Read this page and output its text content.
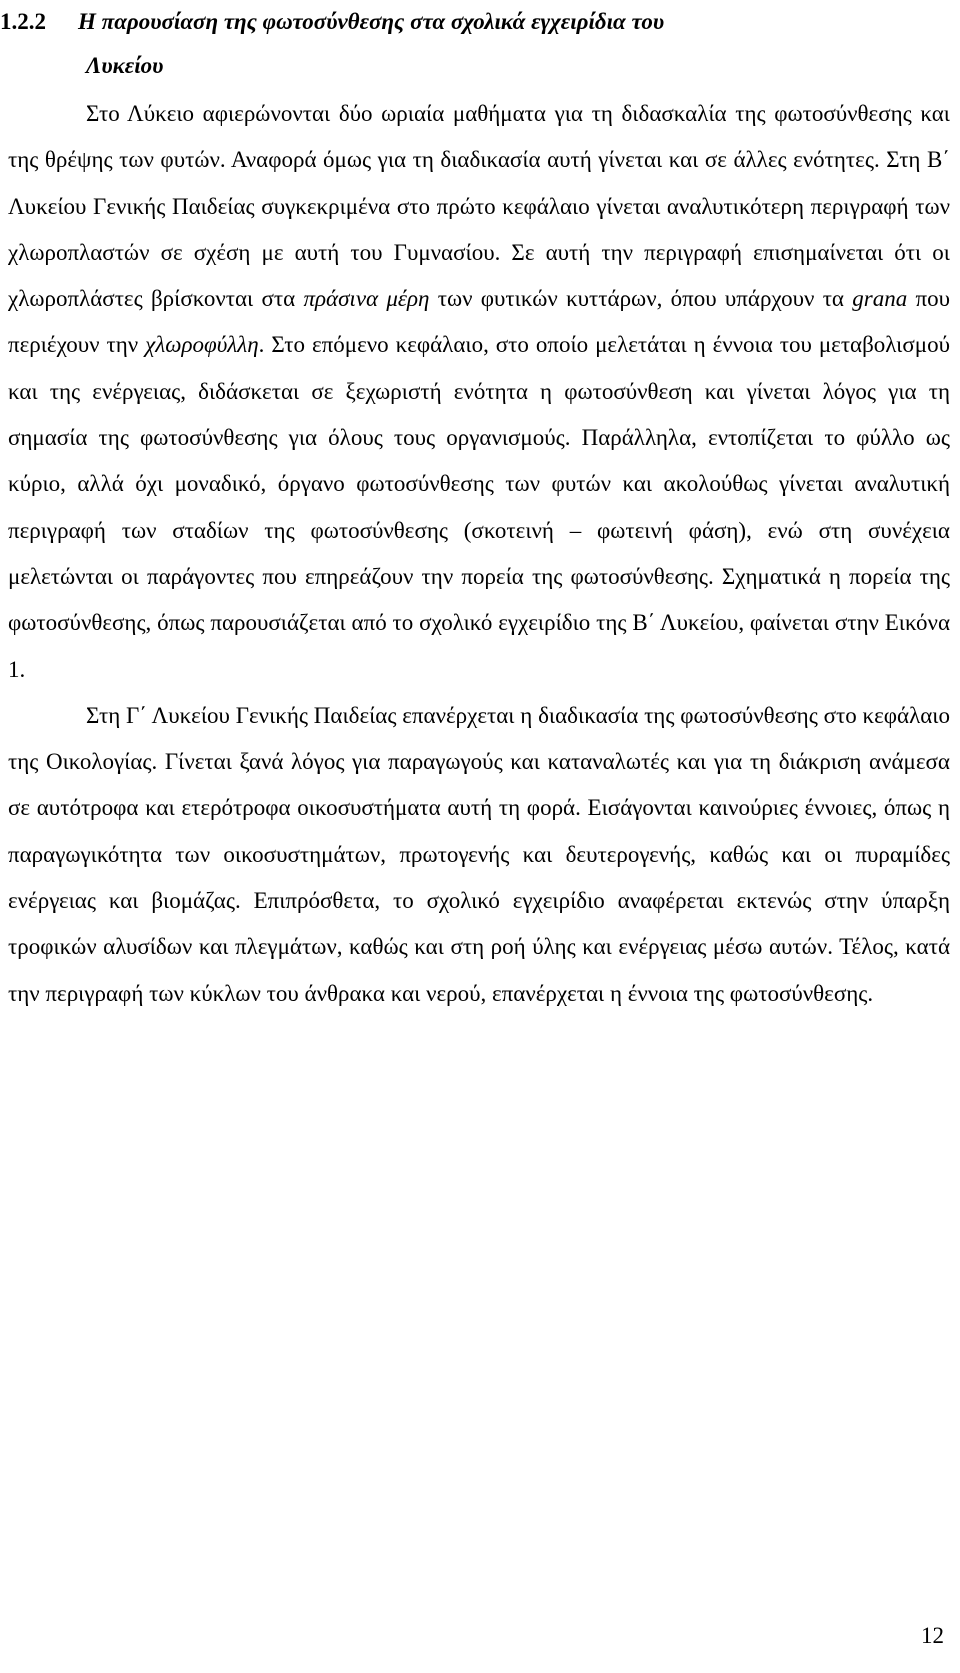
1.2.2 Η παρουσίαση της φωτοσύνθεσης στα σχολικά εγχειρίδια του
Λυκείου

Στο Λύκειο αφιερώνονται δύο ωριαία μαθήματα για τη διδασκαλία της φωτοσύνθεσης και της θρέψης των φυτών. Αναφορά όμως για τη διαδικασία αυτή γίνεται και σε άλλες ενότητες. Στη Β΄ Λυκείου Γενικής Παιδείας συγκεκριμένα στο πρώτο κεφάλαιο γίνεται αναλυτικότερη περιγραφή των χλωροπλαστών σε σχέση με αυτή του Γυμνασίου. Σε αυτή την περιγραφή επισημαίνεται ότι οι χλωροπλάστες βρίσκονται στα πράσινα μέρη των φυτικών κυττάρων, όπου υπάρχουν τα grana που περιέχουν την χλωροφύλλη. Στο επόμενο κεφάλαιο, στο οποίο μελετάται η έννοια του μεταβολισμού και της ενέργειας, διδάσκεται σε ξεχωριστή ενότητα η φωτοσύνθεση και γίνεται λόγος για τη σημασία της φωτοσύνθεσης για όλους τους οργανισμούς. Παράλληλα, εντοπίζεται το φύλλο ως κύριο, αλλά όχι μοναδικό, όργανο φωτοσύνθεσης των φυτών και ακολούθως γίνεται αναλυτική περιγραφή των σταδίων της φωτοσύνθεσης (σκοτεινή – φωτεινή φάση), ενώ στη συνέχεια μελετώνται οι παράγοντες που επηρεάζουν την πορεία της φωτοσύνθεσης. Σχηματικά η πορεία της φωτοσύνθεσης, όπως παρουσιάζεται από το σχολικό εγχειρίδιο της Β΄ Λυκείου, φαίνεται στην Εικόνα 1.

Στη Γ΄ Λυκείου Γενικής Παιδείας επανέρχεται η διαδικασία της φωτοσύνθεσης στο κεφάλαιο της Οικολογίας. Γίνεται ξανά λόγος για παραγωγούς και καταναλωτές και για τη διάκριση ανάμεσα σε αυτότροφα και ετερότροφα οικοσυστήματα αυτή τη φορά. Εισάγονται καινούριες έννοιες, όπως η παραγωγικότητα των οικοσυστημάτων, πρωτογενής και δευτερογενής, καθώς και οι πυραμίδες ενέργειας και βιομάζας. Επιπρόσθετα, το σχολικό εγχειρίδιο αναφέρεται εκτενώς στην ύπαρξη τροφικών αλυσίδων και πλεγμάτων, καθώς και στη ροή ύλης και ενέργειας μέσω αυτών. Τέλος, κατά την περιγραφή των κύκλων του άνθρακα και νερού, επανέρχεται η έννοια της φωτοσύνθεσης.

12
